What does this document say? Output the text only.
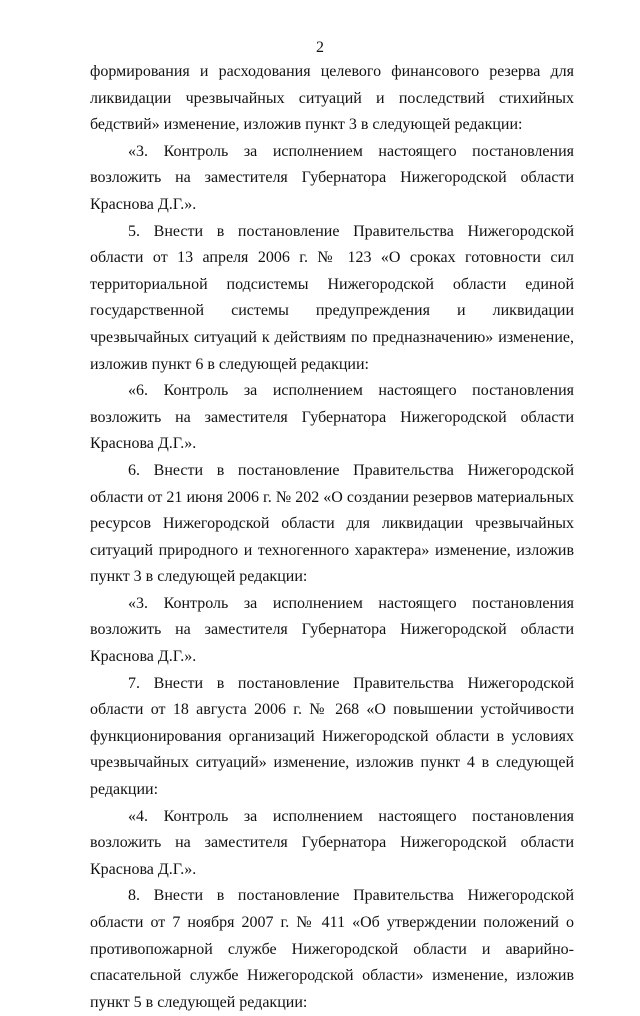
2

формирования и расходования целевого финансового резерва для ликвидации чрезвычайных ситуаций и последствий стихийных бедствий» изменение, изложив пункт 3 в следующей редакции:

«3. Контроль за исполнением настоящего постановления возложить на заместителя Губернатора Нижегородской области Краснова Д.Г.».

5. Внести в постановление Правительства Нижегородской области от 13 апреля 2006 г. № 123 «О сроках готовности сил территориальной подсистемы Нижегородской области единой государственной системы предупреждения и ликвидации чрезвычайных ситуаций к действиям по предназначению» изменение, изложив пункт 6 в следующей редакции:

«6. Контроль за исполнением настоящего постановления возложить на заместителя Губернатора Нижегородской области Краснова Д.Г.».

6. Внести в постановление Правительства Нижегородской области от 21 июня 2006 г. № 202 «О создании резервов материальных ресурсов Нижегородской области для ликвидации чрезвычайных ситуаций природного и техногенного характера» изменение, изложив пункт 3 в следующей редакции:

«3. Контроль за исполнением настоящего постановления возложить на заместителя Губернатора Нижегородской области Краснова Д.Г.».

7. Внести в постановление Правительства Нижегородской области от 18 августа 2006 г. № 268 «О повышении устойчивости функционирования организаций Нижегородской области в условиях чрезвычайных ситуаций» изменение, изложив пункт 4 в следующей редакции:

«4. Контроль за исполнением настоящего постановления возложить на заместителя Губернатора Нижегородской области Краснова Д.Г.».

8. Внести в постановление Правительства Нижегородской области от 7 ноября 2007 г. № 411 «Об утверждении положений о противопожарной службе Нижегородской области и аварийно-спасательной службе Нижегородской области» изменение, изложив пункт 5 в следующей редакции:
